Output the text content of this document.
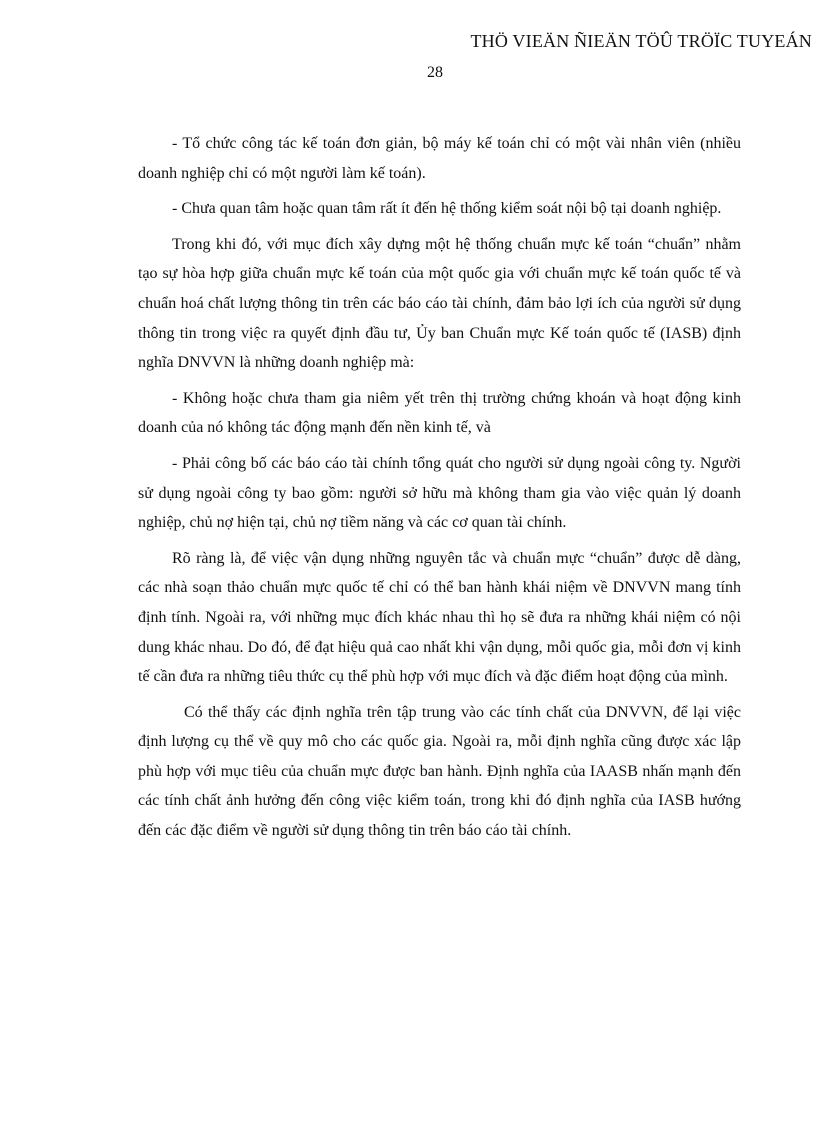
THÖ VIEÄN ÑIEÄN TÖÛ TRÖÏC TUYEÁN
28

- Tổ chức công tác kế toán đơn giản, bộ máy kế toán chỉ có một vài nhân viên (nhiều doanh nghiệp chỉ có một người làm kế toán).

- Chưa quan tâm hoặc quan tâm rất ít đến hệ thống kiểm soát nội bộ tại doanh nghiệp.

Trong khi đó, với mục đích xây dựng một hệ thống chuẩn mực kế toán “chuẩn” nhằm tạo sự hòa hợp giữa chuẩn mực kế toán của một quốc gia với chuẩn mực kế toán quốc tế và chuẩn hoá chất lượng thông tin trên các báo cáo tài chính, đảm bảo lợi ích của người sử dụng thông tin trong việc ra quyết định đầu tư, Ủy ban Chuẩn mực Kế toán quốc tế (IASB) định nghĩa DNVVN là những doanh nghiệp mà:

- Không hoặc chưa tham gia niêm yết trên thị trường chứng khoán và hoạt động kinh doanh của nó không tác động mạnh đến nền kinh tế, và

- Phải công bố các báo cáo tài chính tổng quát cho người sử dụng ngoài công ty. Người sử dụng ngoài công ty bao gồm: người sở hữu mà không tham gia vào việc quản lý doanh nghiệp, chủ nợ hiện tại, chủ nợ tiềm năng và các cơ quan tài chính.

Rõ ràng là, để việc vận dụng những nguyên tắc và chuẩn mực “chuẩn” được dễ dàng, các nhà soạn thảo chuẩn mực quốc tế chỉ có thể ban hành khái niệm về DNVVN mang tính định tính. Ngoài ra, với những mục đích khác nhau thì họ sẽ đưa ra những khái niệm có nội dung khác nhau. Do đó, để đạt hiệu quả cao nhất khi vận dụng, mỗi quốc gia, mỗi đơn vị kinh tế cần đưa ra những tiêu thức cụ thể phù hợp với mục đích và đặc điểm hoạt động của mình.

Có thể thấy các định nghĩa trên tập trung vào các tính chất của DNVVN, để lại việc định lượng cụ thể về quy mô cho các quốc gia. Ngoài ra, mỗi định nghĩa cũng được xác lập phù hợp với mục tiêu của chuẩn mực được ban hành. Định nghĩa của IAASB nhấn mạnh đến các tính chất ảnh hưởng đến công việc kiểm toán, trong khi đó định nghĩa của IASB hướng đến các đặc điểm về người sử dụng thông tin trên báo cáo tài chính.
